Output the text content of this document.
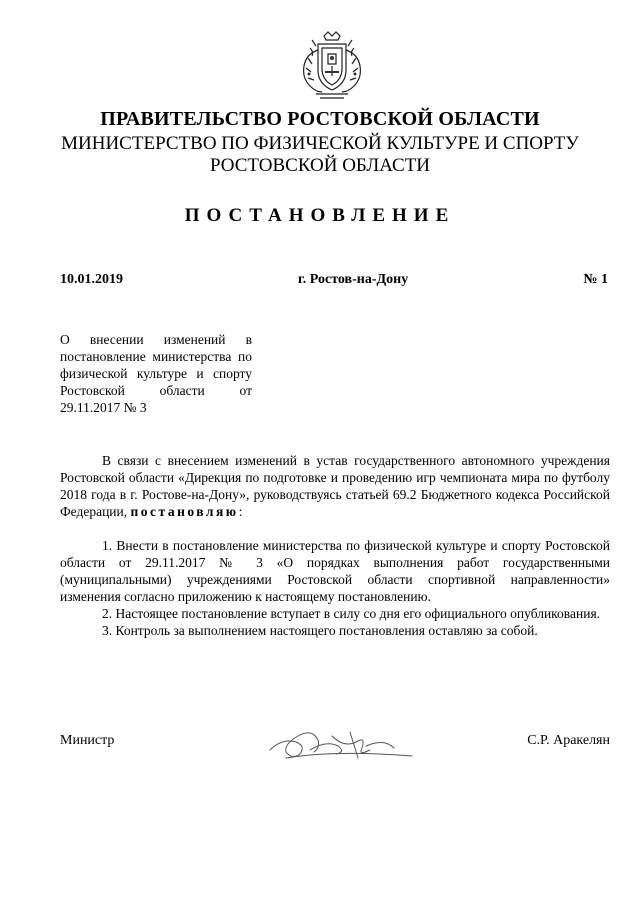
ПРАВИТЕЛЬСТВО РОСТОВСКОЙ ОБЛАСТИ
МИНИСТЕРСТВО ПО ФИЗИЧЕСКОЙ КУЛЬТУРЕ И СПОРТУ
РОСТОВСКОЙ ОБЛАСТИ
ПОСТАНОВЛЕНИЕ
10.01.2019	г. Ростов-на-Дону	№ 1
О внесении изменений в постановление министерства по физической культуре и спорту Ростовской области от 29.11.2017 № 3

В связи с внесением изменений в устав государственного автономного учреждения Ростовской области «Дирекция по подготовке и проведению игр чемпионата мира по футболу 2018 года в г. Ростове-на-Дону», руководствуясь статьей 69.2 Бюджетного кодекса Российской Федерации, постановляю:

1. Внести в постановление министерства по физической культуре и спорту Ростовской области от 29.11.2017 № 3 «О порядках выполнения работ государственными (муниципальными) учреждениями Ростовской области спортивной направленности» изменения согласно приложению к настоящему постановлению.

2. Настоящее постановление вступает в силу со дня его официального опубликования.

3. Контроль за выполнением настоящего постановления оставляю за собой.

Министр	С.Р. Аракелян
